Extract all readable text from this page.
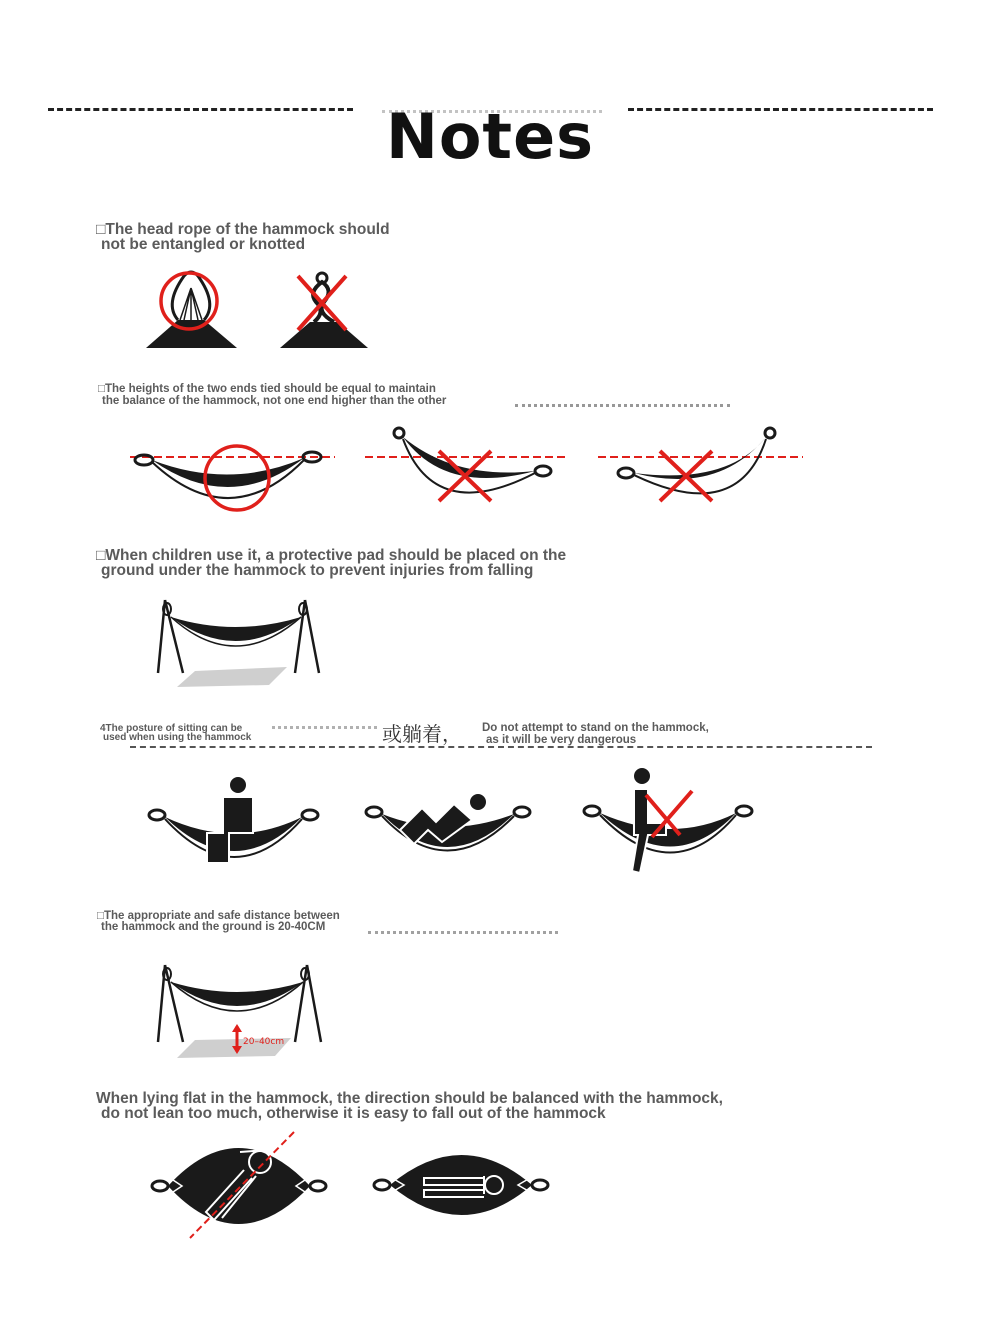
Notes
□The head rope of the hammock should
not be entangled or knotted
□The heights of the two ends tied should be equal to maintain
the balance of the hammock, not one end higher than the other
□When children use it, a protective pad should be placed on the
ground under the hammock to prevent injuries from falling
4The posture of sitting can be
used when using the hammock	或躺着， Do not attempt to stand on the hammock,
as it will be very dangerous
□The appropriate and safe distance between
the hammock and the ground is 20-40CM
20–40cm
When lying flat in the hammock, the direction should be balanced with the hammock,
do not lean too much, otherwise it is easy to fall out of the hammock
